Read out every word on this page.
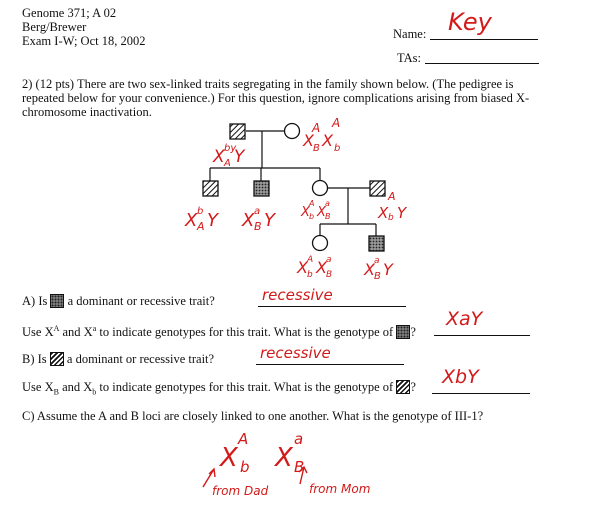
Genome 371; A 02
Berg/Brewer
Exam I-W; Oct 18, 2002	Name: Key
TAs:
2) (12 pts) There are two sex-linked traits segregating in the family shown below. (The pedigree is
repeated below for your convenience.) For this question, ignore complications arising from biased X-
chromosome inactivation.
X by
A Y
X
A
B X
A
b
X b
A Y X a
B Y X
A
b X
a
B	X
A
b Y
X A
b X a
B X a
B Y
A) Is a dominant or recessive trait?	recessive
Use $X^A$ and $X^a$ to indicate genotypes for this trait. What is the genotype of ?
XaY
B) Is a dominant or recessive trait?	recessive
Use $X_B$ and $X_b$ to indicate genotypes for this trait. What is the genotype of ? XbY
C) Assume the A and B loci are closely linked to one another. What is the genotype of III-1?
X
A
b X
a
B
from Dad	from Mom
